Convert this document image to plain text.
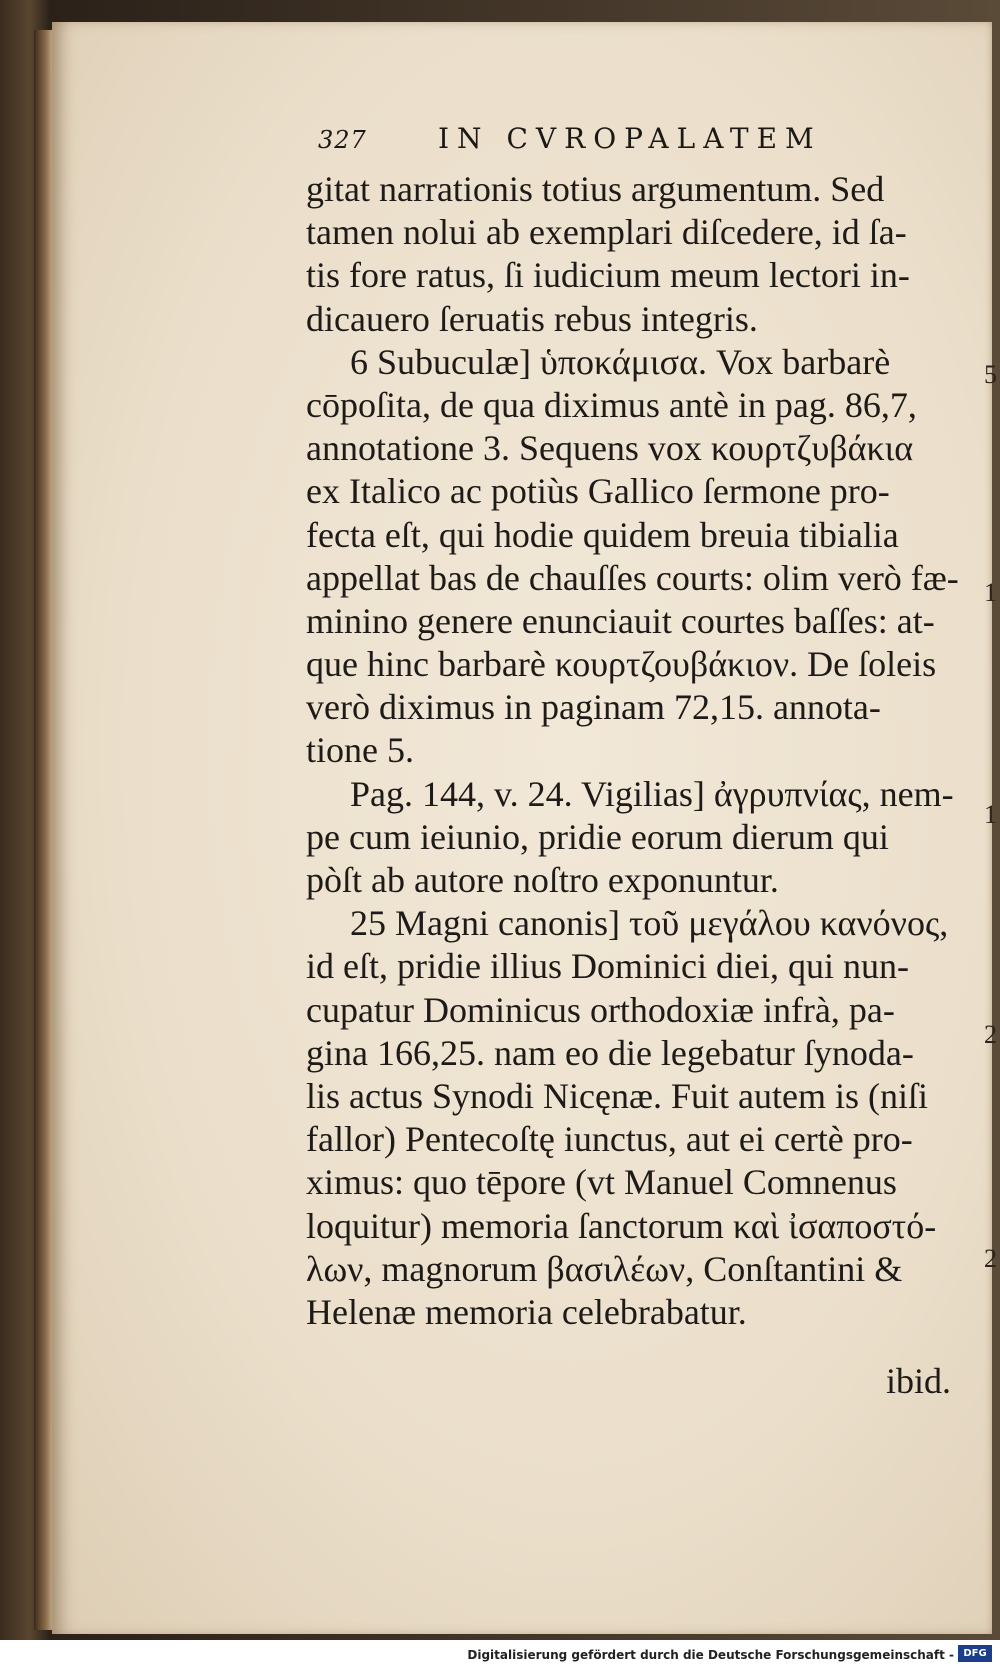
327	IN CVROPALATEM
gitat narrationis totius argumentum. Sed
tamen nolui ab exemplari diſcedere, id ſa-
tis fore ratus, ſi iudicium meum lectori in-
dicauero ſeruatis rebus integris.
6 Subuculæ] ὑποκάμισα. Vox barbarè
cōpoſita, de qua diximus antè in pag. 86,7,
annotatione 3. Sequens vox κουρτζυβάκια
ex Italico ac potiùs Gallico ſermone pro-
fecta eſt, qui hodie quidem breuia tibialia
appellat bas de chauſſes courts: olim verò fæ-
minino genere enunciauit courtes baſſes: at-
que hinc barbarè κουρτζουβάκιον. De ſoleis
verò diximus in paginam 72,15. annota-
tione 5.
Pag. 144, v. 24. Vigilias] ἀγρυπνίας, nem-
pe cum ieiunio, pridie eorum dierum qui
pòſt ab autore noſtro exponuntur.
25 Magni canonis] τοῦ μεγάλου κανόνος,
id eſt, pridie illius Dominici diei, qui nun-
cupatur Dominicus orthodoxiæ infrà, pa-
gina 166,25. nam eo die legebatur ſynoda-
lis actus Synodi Nicęnæ. Fuit autem is (niſi
fallor) Pentecoſtę iunctus, aut ei certè pro-
ximus: quo tēpore (vt Manuel Comnenus
loquitur) memoria ſanctorum καὶ ἰσαποστό-
λων, magnorum βασιλέων, Conſtantini &
Helenæ memoria celebrabatur.
ibid.
5
1
1
2
2
Digitalisierung gefördert durch die Deutsche Forschungsgemeinschaft - DFG
